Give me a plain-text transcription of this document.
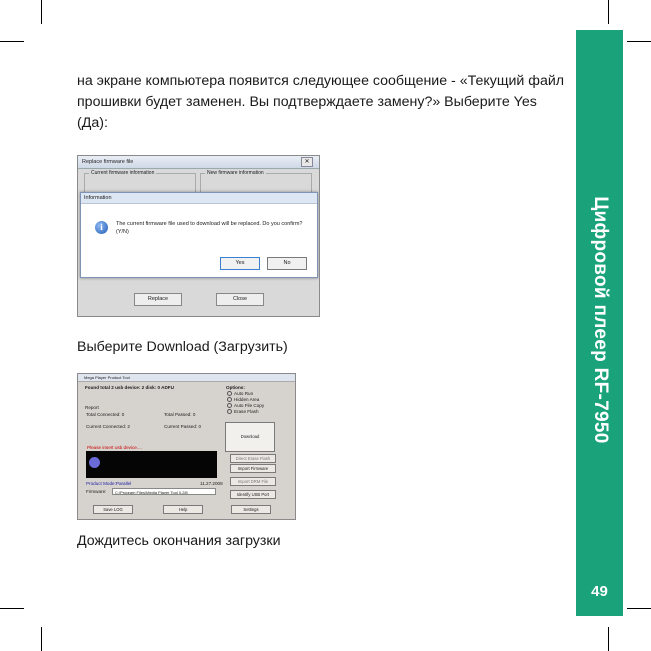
Цифровой плеер RF-7950
49

на экране компьютера появится следующее сообщение - «Текущий файл прошивки будет заменен. Вы подтверждаете замену?» Выберите Yes (Да):

Replace firmware file	✕
Current firmware information	New firmware information
Information
i	The current firmware file used to download will be replaced. Do you confirm?(Y/N)
Yes	No
Replace	Close

Выберите Download (Загрузить)

Mega Player Product Tool
Found total 2 usb device: 2 disk: 0 ADFU	Options:
Auto Run
Hidden Area
Auto File Copy
Erase Flash
Report
Total Connected: 0	Total Passed: 0
Current Connected: 2	Current Passed: 0
Please insert usb device....
Product Mode:Parallel	11.27.2008
Firmware:	C:\Program Files\Media Player Tool 0.28\
Download
Direct Erase Flash
Import Firmware
Import DRM File
Identify USB Port
Save LOG	Help	Settings

Дождитесь окончания загрузки
